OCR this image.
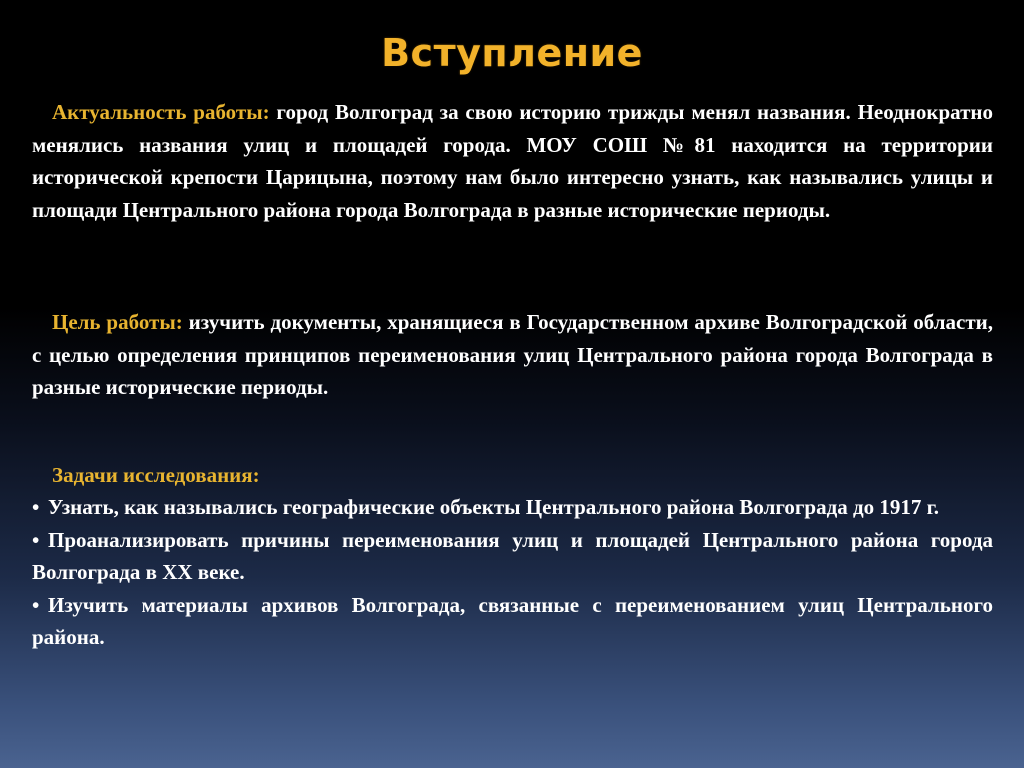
Вступление

Актуальность работы: город Волгоград за свою историю трижды менял названия. Неоднократно менялись названия улиц и площадей города. МОУ СОШ №81 находится на территории исторической крепости Царицына, поэтому нам было интересно узнать, как назывались улицы и площади Центрального района города Волгограда в разные исторические периоды.

Цель работы: изучить документы, хранящиеся в Государственном архиве Волгоградской области, с целью определения принципов переименования улиц Центрального района города Волгограда в разные исторические периоды.

Задачи исследования:

• Узнать, как назывались географические объекты Центрального района Волгограда до 1917 г.
• Проанализировать причины переименования улиц и площадей Центрального района города Волгограда в XX веке.
• Изучить материалы архивов Волгограда, связанные с переименованием улиц Центрального района.
